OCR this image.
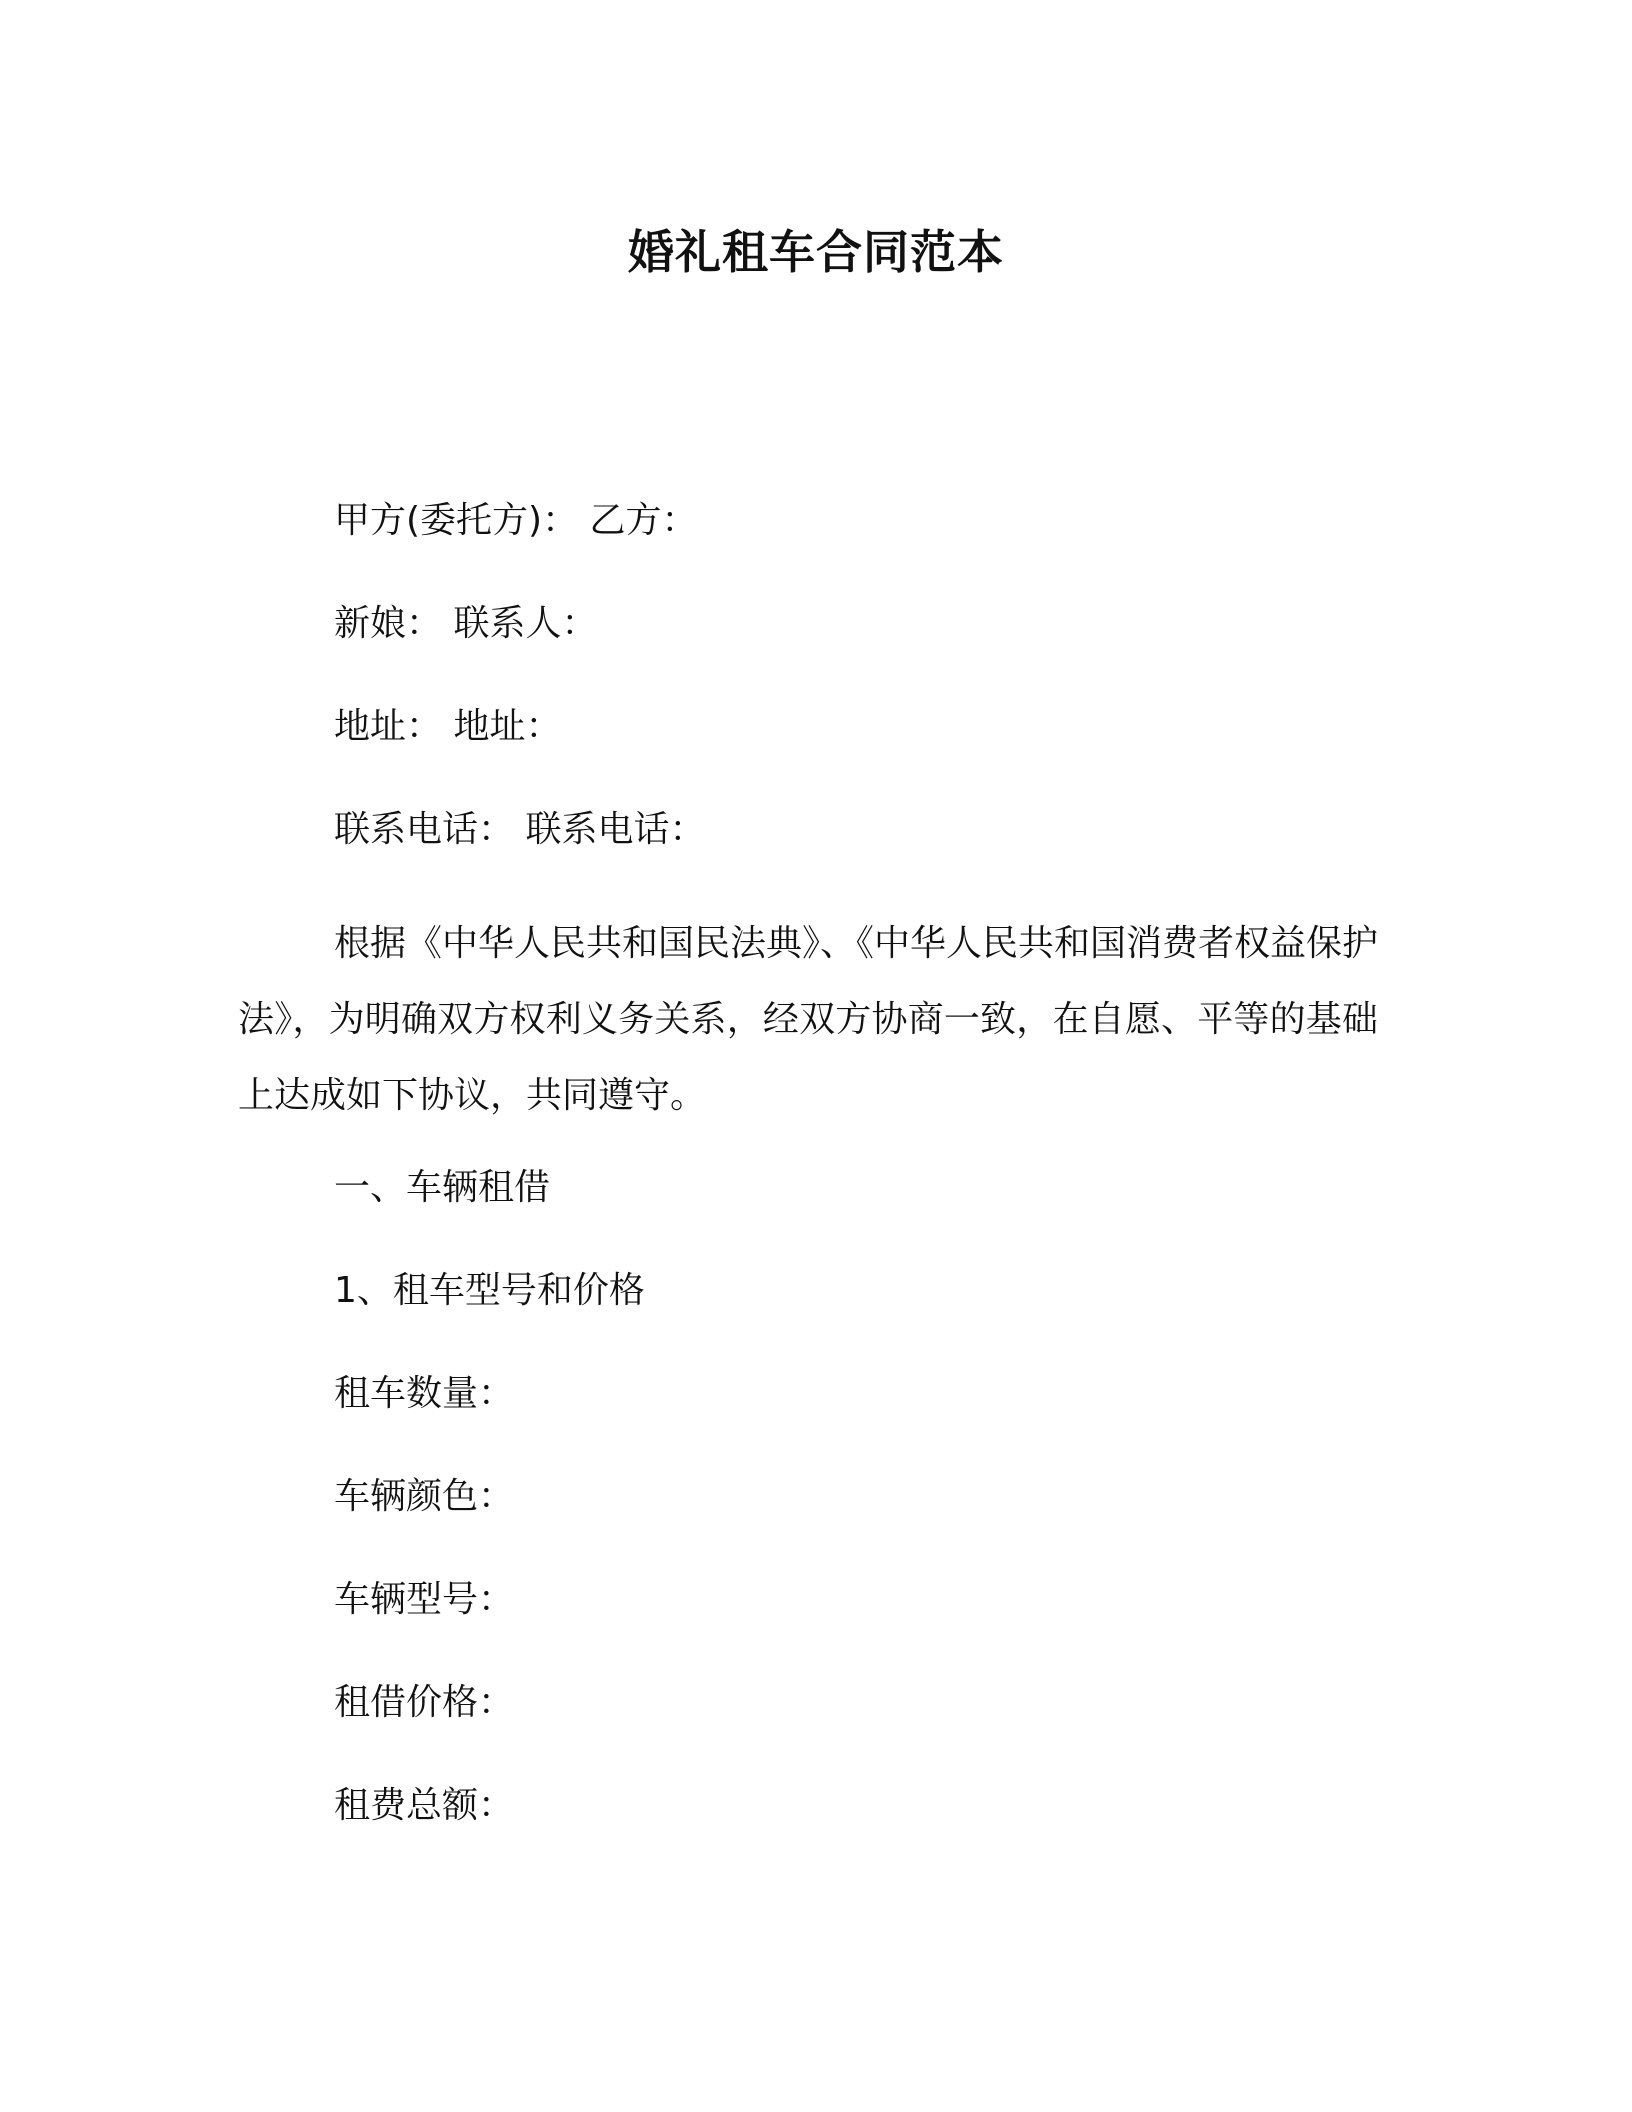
婚礼租车合同范本
甲方(委托方)： 乙方：
新娘： 联系人：
地址： 地址：
联系电话： 联系电话：
根据《中华人民共和国民法典》、《中华人民共和国消费者权益保护法》，为明确双方权利义务关系，经双方协商一致，在自愿、平等的基础上达成如下协议，共同遵守。
一、车辆租借
1、租车型号和价格
租车数量：
车辆颜色：
车辆型号：
租借价格：
租费总额：
